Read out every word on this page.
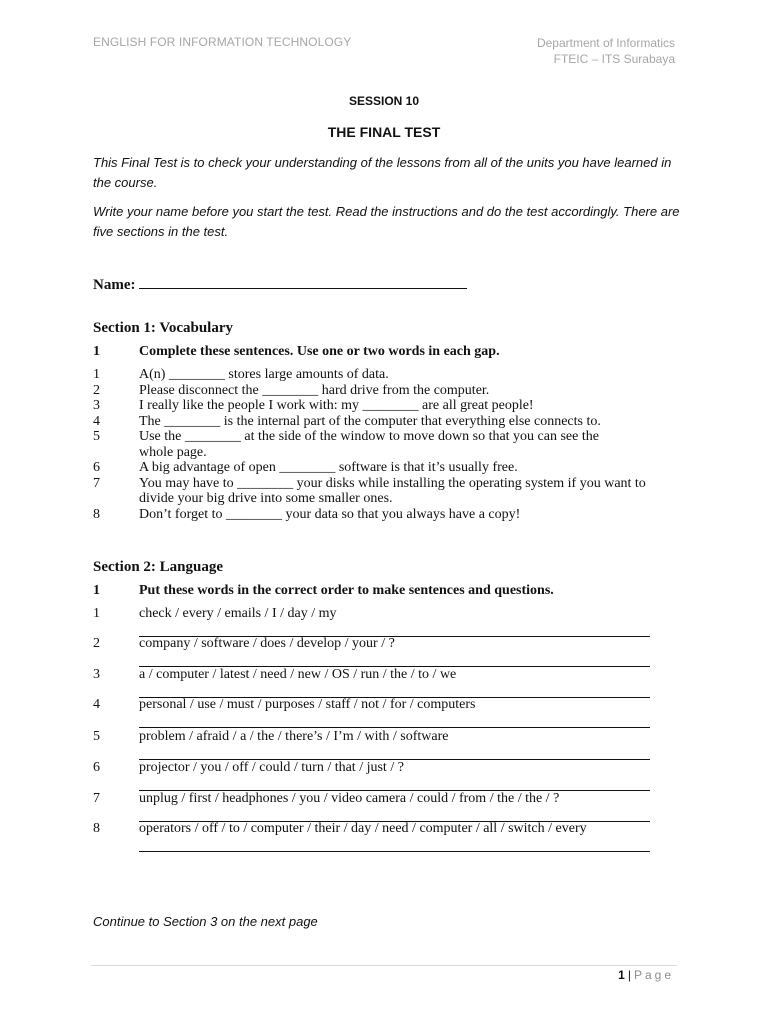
ENGLISH FOR INFORMATION TECHNOLOGY	Department of Informatics
FTEIC – ITS Surabaya
SESSION 10
THE FINAL TEST
This Final Test is to check your understanding of the lessons from all of the units you have learned in the course.
Write your name before you start the test. Read the instructions and do the test accordingly. There are five sections in the test.
Name:
Section 1: Vocabulary
1	Complete these sentences. Use one or two words in each gap.
1	A(n) ________ stores large amounts of data.
2	Please disconnect the ________ hard drive from the computer.
3	I really like the people I work with: my ________ are all great people!
4	The ________ is the internal part of the computer that everything else connects to.
5	Use the ________ at the side of the window to move down so that you can see the whole page.
6	A big advantage of open ________ software is that it’s usually free.
7	You may have to ________ your disks while installing the operating system if you want to divide your big drive into some smaller ones.
8	Don’t forget to ________ your data so that you always have a copy!
Section 2: Language
1	Put these words in the correct order to make sentences and questions.
1	check / every / emails / I / day / my
2	company / software / does / develop / your / ?
3	a / computer / latest / need / new / OS / run / the / to / we
4	personal / use / must / purposes / staff / not / for / computers
5	problem / afraid / a / the / there’s / I’m / with / software
6	projector / you / off / could / turn / that / just / ?
7	unplug / first / headphones / you / video camera / could / from / the / the / ?
8	operators / off / to / computer / their / day / need / computer / all / switch / every
Continue to Section 3 on the next page
1 | Page
